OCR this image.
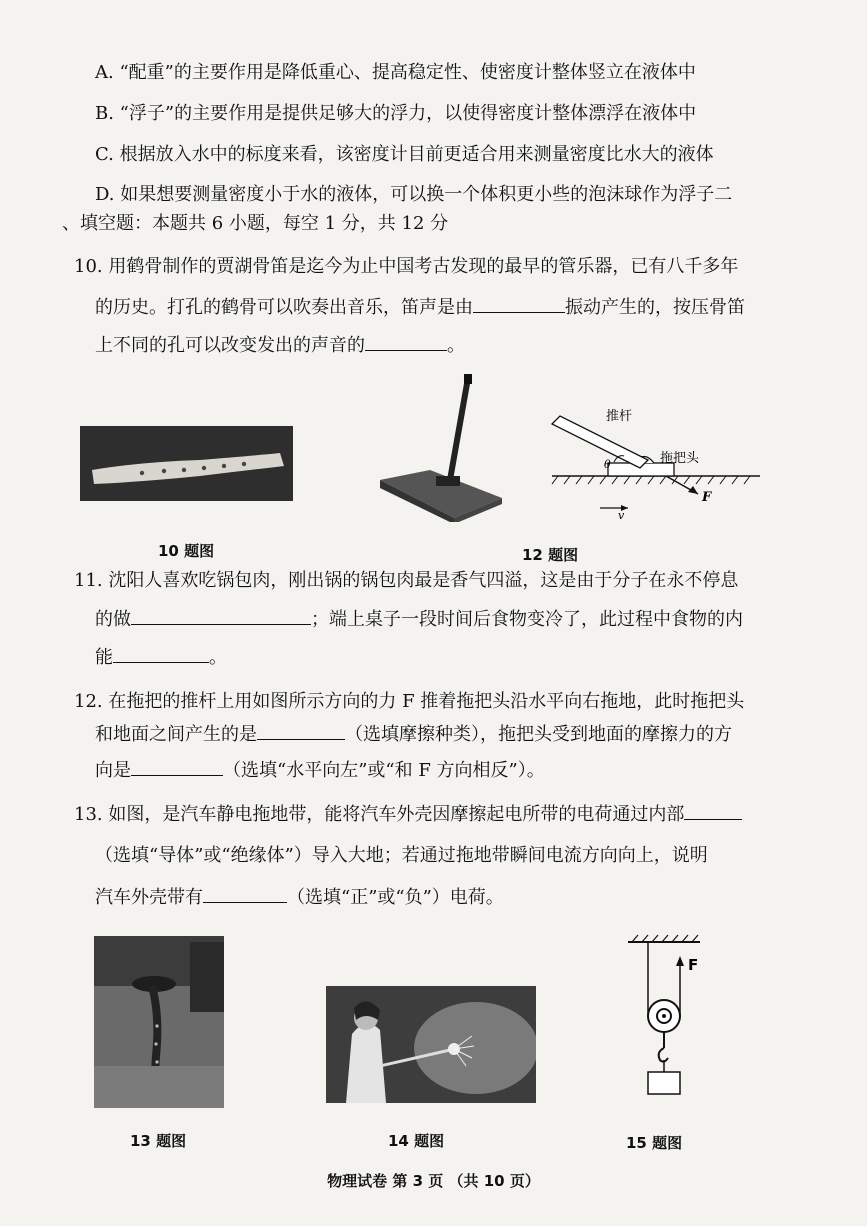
A. “配重”的主要作用是降低重心、提高稳定性、使密度计整体竖立在液体中
B. “浮子”的主要作用是提供足够大的浮力，以使得密度计整体漂浮在液体中
C. 根据放入水中的标度来看，该密度计目前更适合用来测量密度比水大的液体
D. 如果想要测量密度小于水的液体，可以换一个体积更小些的泡沫球作为浮子二
、填空题：本题共 6 小题，每空 1 分，共 12 分
10. 用鹤骨制作的贾湖骨笛是迄今为止中国考古发现的最早的管乐器，已有八千多年
的历史。打孔的鹤骨可以吹奏出音乐，笛声是由	振动产生的，按压骨笛
上不同的孔可以改变发出的声音的	。
推杆
拖把头
θ
F
v
10 题图	12 题图
11. 沈阳人喜欢吃锅包肉，刚出锅的锅包肉最是香气四溢，这是由于分子在永不停息
的做	；端上桌子一段时间后食物变冷了，此过程中食物的内
能	。
12. 在拖把的推杆上用如图所示方向的力 F 推着拖把头沿水平向右拖地，此时拖把头
和地面之间产生的是	（选填摩擦种类），拖把头受到地面的摩擦力的方
向是	（选填“水平向左”或“和 F 方向相反”）。
13. 如图，是汽车静电拖地带，能将汽车外壳因摩擦起电所带的电荷通过内部
（选填“导体”或“绝缘体”）导入大地；若通过拖地带瞬间电流方向向上，说明
汽车外壳带有	（选填“正”或“负”）电荷。
F
13 题图	14 题图	15 题图
物理试卷 第 3 页 （共 10 页）
